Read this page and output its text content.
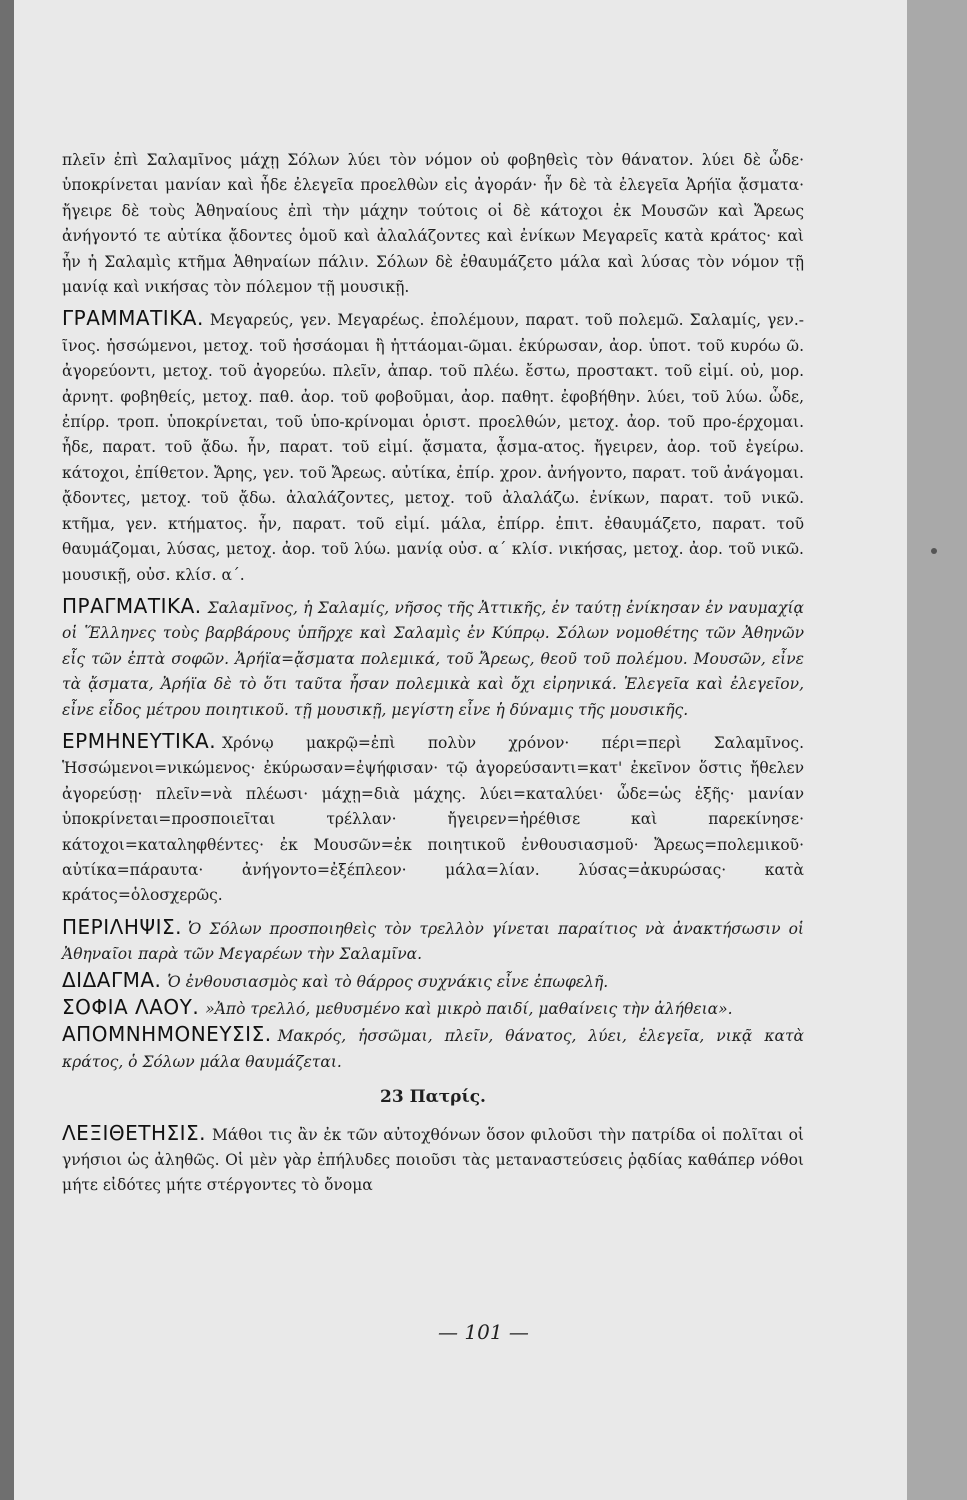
πλεῖν ἐπὶ Σαλαμῖνος μάχῃ Σόλων λύει τὸν νόμον οὐ φοβηθεὶς τὸν θάνατον. λύει δὲ ὧδε· ὑποκρίνεται μανίαν καὶ ἦδε ἐλεγεῖα προελθὼν εἰς ἀγοράν· ἦν δὲ τὰ ἐλεγεῖα Ἀρήϊα ᾄσματα· ἤγειρε δὲ τοὺς Ἀθηναίους ἐπὶ τὴν μάχην τούτοις οἱ δὲ κάτοχοι ἐκ Μουσῶν καὶ Ἄρεως ἀνήγοντό τε αὐτίκα ᾄδοντες ὁμοῦ καὶ ἀλαλάζοντες καὶ ἐνίκων Μεγαρεῖς κατὰ κράτος· καὶ ἦν ἡ Σαλαμὶς κτῆμα Ἀθηναίων πάλιν. Σόλων δὲ ἐθαυμάζετο μάλα καὶ λύσας τὸν νόμον τῇ μανίᾳ καὶ νικήσας τὸν πόλεμον τῇ μουσικῇ.

ΓΡΑΜΜΑΤΙΚΑ. Μεγαρεύς, γεν. Μεγαρέως. ἐπολέμουν, παρατ. τοῦ πολεμῶ. Σαλαμίς, γεν.-ῖνος. ἡσσώμενοι, μετοχ. τοῦ ἡσσάομαι ἢ ἡττάομαι-ῶμαι. ἐκύρωσαν, ἀορ. ὑποτ. τοῦ κυρόω ῶ. ἀγορεύοντι, μετοχ. τοῦ ἀγορεύω. πλεῖν, ἀπαρ. τοῦ πλέω. ἔστω, προστακτ. τοῦ εἰμί. οὐ, μορ. ἀρνητ. φοβηθείς, μετοχ. παθ. ἀορ. τοῦ φοβοῦμαι, ἀορ. παθητ. ἐφοβήθην. λύει, τοῦ λύω. ὧδε, ἐπίρρ. τροπ. ὑποκρίνεται, τοῦ ὑπο-κρίνομαι ὁριστ. προελθών, μετοχ. ἀορ. τοῦ προ-έρχομαι. ἦδε, παρατ. τοῦ ᾄδω. ἦν, παρατ. τοῦ εἰμί. ᾄσματα, ᾆσμα-ατος. ἤγειρεν, ἀορ. τοῦ ἐγείρω. κάτοχοι, ἐπίθετον. Ἄρης, γεν. τοῦ Ἄρεως. αὐτίκα, ἐπίρ. χρον. ἀνήγοντο, παρατ. τοῦ ἀνάγομαι. ᾄδοντες, μετοχ. τοῦ ᾄδω. ἀλαλάζοντες, μετοχ. τοῦ ἀλαλάζω. ἐνίκων, παρατ. τοῦ νικῶ. κτῆμα, γεν. κτήματος. ἦν, παρατ. τοῦ εἰμί. μάλα, ἐπίρρ. ἐπιτ. ἐθαυμάζετο, παρατ. τοῦ θαυμάζομαι, λύσας, μετοχ. ἀορ. τοῦ λύω. μανίᾳ οὐσ. α΄ κλίσ. νικήσας, μετοχ. ἀορ. τοῦ νικῶ. μουσικῇ, οὐσ. κλίσ. α΄.

ΠΡΑΓΜΑΤΙΚΑ. Σαλαμῖνος, ἡ Σαλαμίς, νῆσος τῆς Ἀττικῆς, ἐν ταύτῃ ἐνίκησαν ἐν ναυμαχίᾳ οἱ Ἕλληνες τοὺς βαρβάρους ὑπῆρχε καὶ Σαλαμὶς ἐν Κύπρῳ. Σόλων νομοθέτης τῶν Ἀθηνῶν εἷς τῶν ἑπτὰ σοφῶν. Ἀρήϊα=ᾄσματα πολεμικά, τοῦ Ἄρεως, θεοῦ τοῦ πολέμου. Μουσῶν, εἶνε τὰ ᾄσματα, Ἀρήϊα δὲ τὸ ὅτι ταῦτα ἦσαν πολεμικὰ καὶ ὄχι εἰρηνικά. Ἐλεγεῖα καὶ ἐλεγεῖον, εἶνε εἶδος μέτρου ποιητικοῦ. τῇ μουσικῇ, μεγίστη εἶνε ἡ δύναμις τῆς μουσικῆς.

ΕΡΜΗΝΕΥΤΙΚΑ. Χρόνῳ μακρῷ=ἐπὶ πολὺν χρόνον· πέρι=περὶ Σαλαμῖνος. Ἡσσώμενοι=νικώμενος· ἐκύρωσαν=ἐψήφισαν· τῷ ἀγορεύσαντι=κατ' ἐκεῖνον ὅστις ἤθελεν ἀγορεύσῃ· πλεῖν=νὰ πλέωσι· μάχῃ=διὰ μάχης. λύει=καταλύει· ὧδε=ὡς ἑξῆς· μανίαν ὑποκρίνεται=προσποιεῖται τρέλλαν· ἤγειρεν=ἠρέθισε καὶ παρεκίνησε· κάτοχοι=καταληφθέντες· ἐκ Μουσῶν=ἐκ ποιητικοῦ ἐνθουσιασμοῦ· Ἄρεως=πολεμικοῦ· αὐτίκα=πάραυτα· ἀνήγοντο=ἐξέπλεον· μάλα=λίαν. λύσας=ἀκυρώσας· κατὰ κράτος=ὁλοσχερῶς.

ΠΕΡΙΛΗΨΙΣ. Ὁ Σόλων προσποιηθεὶς τὸν τρελλὸν γίνεται παραίτιος νὰ ἀνακτήσωσιν οἱ Ἀθηναῖοι παρὰ τῶν Μεγαρέων τὴν Σαλαμῖνα.

ΔΙΔΑΓΜΑ. Ὁ ἐνθουσιασμὸς καὶ τὸ θάρρος συχνάκις εἶνε ἐπωφελῆ.

ΣΟΦΙΑ ΛΑΟΥ. »Ἀπὸ τρελλό, μεθυσμένο καὶ μικρὸ παιδί, μαθαίνεις τὴν ἀλήθεια».

ΑΠΟΜΝΗΜΟΝΕΥΣΙΣ. Μακρός, ἡσσῶμαι, πλεῖν, θάνατος, λύει, ἐλεγεῖα, νικᾷ κατὰ κράτος, ὁ Σόλων μάλα θαυμάζεται.

23 Πατρίς.

ΛΕΞΙΘΕΤΗΣΙΣ. Μάθοι τις ἂν ἐκ τῶν αὐτοχθόνων ὅσον φιλοῦσι τὴν πατρίδα οἱ πολῖται οἱ γνήσιοι ὡς ἀληθῶς. Οἱ μὲν γὰρ ἐπήλυδες ποιοῦσι τὰς μεταναστεύσεις ῥᾳδίας καθάπερ νόθοι μήτε εἰδότες μήτε στέργοντες τὸ ὄνομα

— 101 —
